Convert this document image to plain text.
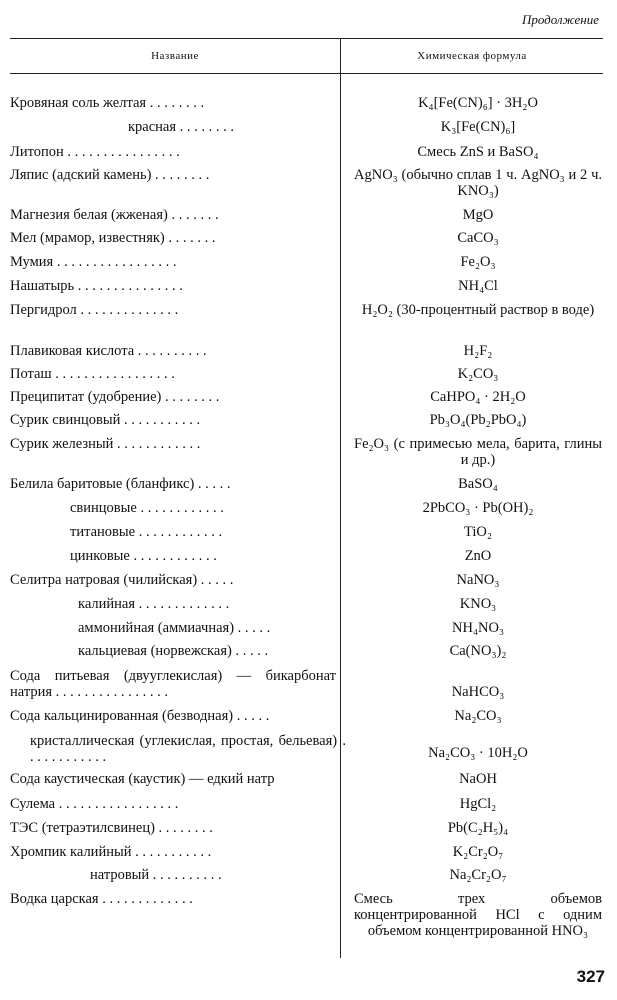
Продолжение
Название	Химическая формула
Кровяная соль желтая . . . . . . . .	K₄[Fe(CN)₆] · 3H₂O
красная . . . . . . . .	K₃[Fe(CN)₆]
Литопон . . . . . . . . . . . . . . . .	Смесь ZnS и BaSO₄
Ляпис (адский камень) . . . . . . . .	AgNO₃ (обычно сплав 1 ч. AgNO₃ и 2 ч. KNO₃)
Магнезия белая (жженая) . . . . . . .	MgO
Мел (мрамор, известняк) . . . . . . .	CaCO₃
Мумия . . . . . . . . . . . . . . . . .	Fe₂O₃
Нашатырь . . . . . . . . . . . . . . .	NH₄Cl
Пергидрол . . . . . . . . . . . . . .	H₂O₂ (30-процентный раствор в воде)
Плавиковая кислота . . . . . . . . . .	H₂F₂
Поташ . . . . . . . . . . . . . . . . .	K₂CO₃
Преципитат (удобрение) . . . . . . . .	CaHPO₄ · 2H₂O
Сурик свинцовый . . . . . . . . . . .	Pb₃O₄(Pb₂PbO₄)
Сурик железный . . . . . . . . . . . .	Fe₂O₃ (с примесью мела, барита, глины и др.)
Белила баритовые (бланфикс) . . . . .	BaSO₄
свинцовые . . . . . . . . . . . .	2PbCO₃ · Pb(OH)₂
титановые . . . . . . . . . . . .	TiO₂
цинковые . . . . . . . . . . . .	ZnO
Селитра натровая (чилийская) . . . . .	NaNO₃
калийная . . . . . . . . . . . . .	KNO₃
аммонийная (аммиачная) . . . . .	NH₄NO₃
кальциевая (норвежская) . . . . .	Ca(NO₃)₂
Сода питьевая (двууглекислая) — бикарбонат натрия . . . . . . . . . . . . . . . .	NaHCO₃
Сода кальцинированная (безводная) . . . . .	Na₂CO₃
кристаллическая (углекислая, простая, бельевая) . . . . . . . . . . . .	Na₂CO₃ · 10H₂O
Сода каустическая (каустик) — едкий натр	NaOH
Сулема . . . . . . . . . . . . . . . . .	HgCl₂
ТЭС (тетраэтилсвинец) . . . . . . . .	Pb(C₂H₅)₄
Хромпик калийный . . . . . . . . . . .	K₂Cr₂O₇
натровый . . . . . . . . . .	Na₂Cr₂O₇
Водка царская . . . . . . . . . . . . .	Смесь трех объемов концентрированной HCl с одним объемом концентрированной HNO₃
327
